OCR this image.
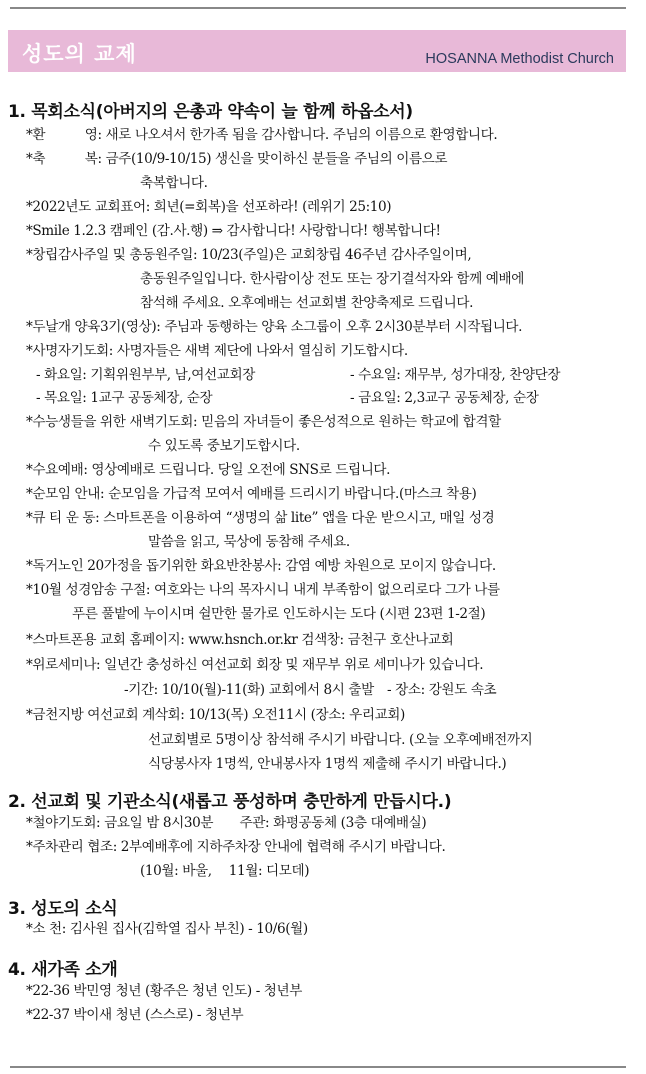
성도의 교제	HOSANNA Methodist Church
1. 목회소식(아버지의 은총과 약속이 늘 함께 하옵소서)
*환　　　영: 새로 나오셔서 한가족 됨을 감사합니다. 주님의 이름으로 환영합니다.
*축　　　복: 금주(10/9-10/15) 생신을 맞이하신 분들을 주님의 이름으로
축복합니다.
*2022년도 교회표어: 희년(=회복)을 선포하라! (레위기 25:10)
*Smile 1.2.3 캠페인 (감.사.행) ⇒ 감사합니다! 사랑합니다! 행복합니다!
*창립감사주일 및 총동원주일: 10/23(주일)은 교회창립 46주년 감사주일이며,
총동원주일입니다. 한사람이상 전도 또는 장기결석자와 함께 예배에
참석해 주세요. 오후예배는 선교회별 찬양축제로 드립니다.
*두날개 양육3기(영상): 주님과 동행하는 양육 소그룹이 오후 2시30분부터 시작됩니다.
*사명자기도회: 사명자들은 새벽 제단에 나와서 열심히 기도합시다.
- 화요일: 기획위원부부, 남,여선교회장	- 수요일: 재무부, 성가대장, 찬양단장
- 목요일: 1교구 공동체장, 순장	- 금요일: 2,3교구 공동체장, 순장
*수능생들을 위한 새벽기도회: 믿음의 자녀들이 좋은성적으로 원하는 학교에 합격할
수 있도록 중보기도합시다.
*수요예배: 영상예배로 드립니다. 당일 오전에 SNS로 드립니다.
*순모임 안내: 순모임을 가급적 모여서 예배를 드리시기 바랍니다.(마스크 착용)
*큐 티 운 동: 스마트폰을 이용하여 “생명의 삶 lite” 앱을 다운 받으시고, 매일 성경
말씀을 읽고, 묵상에 동참해 주세요.
*독거노인 20가정을 돕기위한 화요반찬봉사: 감염 예방 차원으로 모이지 않습니다.
*10월 성경암송 구절: 여호와는 나의 목자시니 내게 부족함이 없으리로다 그가 나를
푸른 풀밭에 누이시며 쉴만한 물가로 인도하시는 도다 (시편 23편 1-2절)
*스마트폰용 교회 홈페이지: www.hsnch.or.kr 검색창: 금천구 호산나교회
*위로세미나: 일년간 충성하신 여선교회 회장 및 재무부 위로 세미나가 있습니다.
-기간: 10/10(월)-11(화) 교회에서 8시 출발　- 장소: 강원도 속초
*금천지방 여선교회 계삭회: 10/13(목) 오전11시 (장소: 우리교회)
선교회별로 5명이상 참석해 주시기 바랍니다. (오늘 오후예배전까지
식당봉사자 1명씩, 안내봉사자 1명씩 제출해 주시기 바랍니다.)
2. 선교회 및 기관소식(새롭고 풍성하며 충만하게 만듭시다.)
*철야기도회: 금요일 밤 8시30분　　주관: 화평공동체 (3층 대예배실)
*주차관리 협조: 2부예배후에 지하주차장 안내에 협력해 주시기 바랍니다.
(10월: 바울,　 11월: 디모데)
3. 성도의 소식
*소 천: 김사원 집사(김학열 집사 부친) - 10/6(월)
4. 새가족 소개
*22-36 박민영 청년 (황주은 청년 인도) - 청년부
*22-37 박이새 청년 (스스로) - 청년부
